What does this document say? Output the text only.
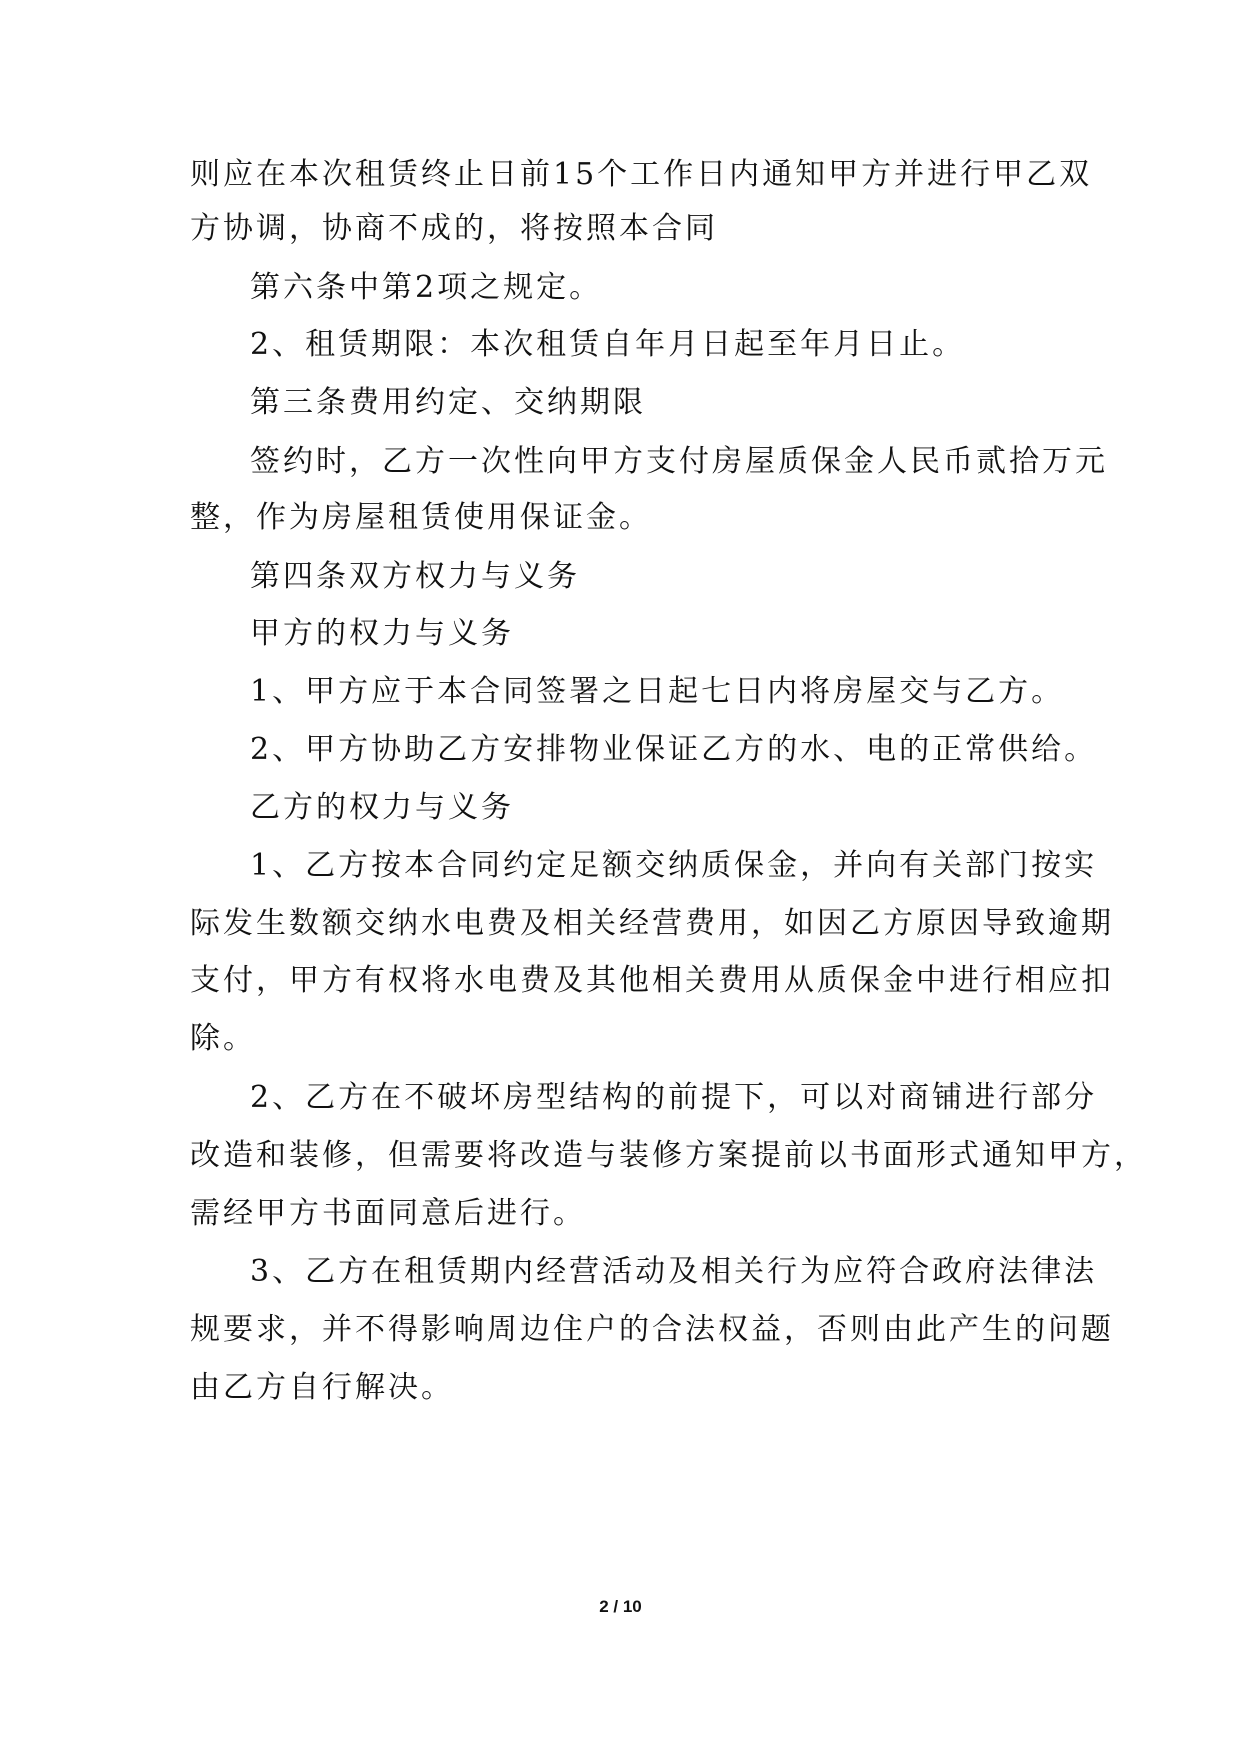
则应在本次租赁终止日前15个工作日内通知甲方并进行甲乙双

方协调，协商不成的，将按照本合同

第六条中第2项之规定。

2、租赁期限：本次租赁自年月日起至年月日止。

第三条费用约定、交纳期限

签约时，乙方一次性向甲方支付房屋质保金人民币贰拾万元

整，作为房屋租赁使用保证金。

第四条双方权力与义务

甲方的权力与义务

1、甲方应于本合同签署之日起七日内将房屋交与乙方。

2、甲方协助乙方安排物业保证乙方的水、电的正常供给。

乙方的权力与义务

1、乙方按本合同约定足额交纳质保金，并向有关部门按实

际发生数额交纳水电费及相关经营费用，如因乙方原因导致逾期

支付，甲方有权将水电费及其他相关费用从质保金中进行相应扣

除。

2、乙方在不破坏房型结构的前提下，可以对商铺进行部分

改造和装修，但需要将改造与装修方案提前以书面形式通知甲方，

需经甲方书面同意后进行。

3、乙方在租赁期内经营活动及相关行为应符合政府法律法

规要求，并不得影响周边住户的合法权益，否则由此产生的问题

由乙方自行解决。

2 / 10
